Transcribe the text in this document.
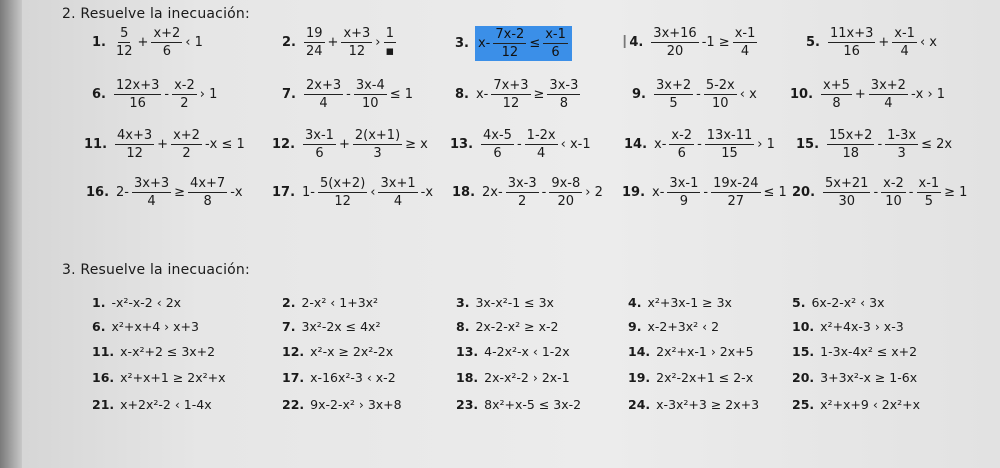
2. Resuelve la inecuación:
1. $\frac{5}{12} + \frac{x+2}{6}$ ‹ 1	2. $\frac{19}{24} + \frac{x+3}{12}$ › $\frac{1}{▪}$	3. $x- \frac{7x-2}{12} \le \frac{x-1}{6}$	I 4. $\frac{3x+16}{20} -1 \ge \frac{x-1}{4}$	5. $\frac{11x+3}{16} + \frac{x-1}{4}$ ‹ x
6. $\frac{12x+3}{16} - \frac{x-2}{2}$ › 1	7. $\frac{2x+3}{4} - \frac{3x-4}{10} \le 1$	8. $x- \frac{7x+3}{12} \ge \frac{3x-3}{8}$	9. $\frac{3x+2}{5} - \frac{5-2x}{10}$ ‹ x	10. $\frac{x+5}{8} + \frac{3x+2}{4} -x$ › 1
11. $\frac{4x+3}{12} + \frac{x+2}{2} -x \le 1$ 12. $\frac{3x-1}{6} + \frac{2(x+1)}{3} \ge x$ 13. $\frac{4x-5}{6} - \frac{1-2x}{4}$ ‹ x-1	14. $x- \frac{x-2}{6} - \frac{13x-11}{15}$ › 1 15. $\frac{15x+2}{18} - \frac{1-3x}{3} \le 2x$
16. $2- \frac{3x+3}{4} \ge \frac{4x+7}{8} -x$ 17. $1- \frac{5(x+2)}{12}$ ‹ $\frac{3x+1}{4} -x$ 18. $2x- \frac{3x-3}{2} - \frac{9x-8}{20}$ › 2 19. $x- \frac{3x-1}{9} - \frac{19x-24}{27} \le 1$ 20. $\frac{5x+21}{30} - \frac{x-2}{10} - \frac{x-1}{5} \ge 1$
3. Resuelve la inecuación:
1. -x²-x-2 ‹ 2x	2. 2-x² ‹ 1+3x²	3. 3x-x²-1 ≤ 3x	4. x²+3x-1 ≥ 3x	5. 6x-2-x² ‹ 3x
6. x²+x+4 › x+3	7. 3x²-2x ≤ 4x²	8. 2x-2-x² ≥ x-2	9. x-2+3x² ‹ 2	10. x²+4x-3 › x-3
11. x-x²+2 ≤ 3x+2	12. x²-x ≥ 2x²-2x	13. 4-2x²-x ‹ 1-2x	14. 2x²+x-1 › 2x+5	15. 1-3x-4x² ≤ x+2
16. x²+x+1 ≥ 2x²+x	17. x-16x²-3 ‹ x-2	18. 2x-x²-2 › 2x-1	19. 2x²-2x+1 ≤ 2-x	20. 3+3x²-x ≥ 1-6x
21. x+2x²-2 ‹ 1-4x	22. 9x-2-x² › 3x+8	23. 8x²+x-5 ≤ 3x-2	24. x-3x²+3 ≥ 2x+3	25. x²+x+9 ‹ 2x²+x
